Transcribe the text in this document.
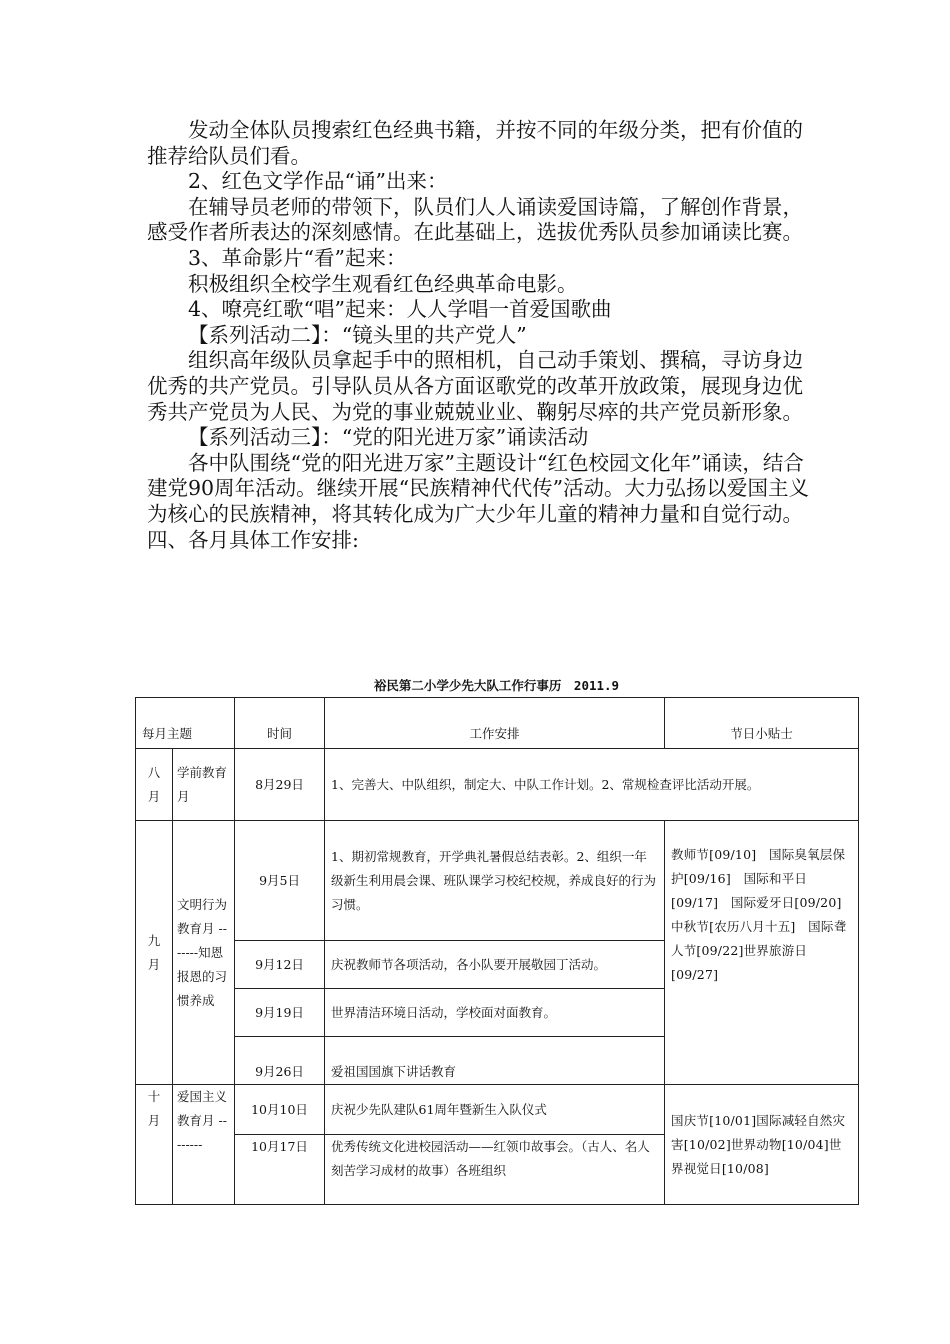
发动全体队员搜索红色经典书籍，并按不同的年级分类，把有价值的推荐给队员们看。

2、红色文学作品“诵”出来：

在辅导员老师的带领下，队员们人人诵读爱国诗篇，了解创作背景，感受作者所表达的深刻感情。在此基础上，选拔优秀队员参加诵读比赛。

3、革命影片“看”起来：

积极组织全校学生观看红色经典革命电影。

4、嘹亮红歌“唱”起来：人人学唱一首爱国歌曲

【系列活动二】：“镜头里的共产党人”

组织高年级队员拿起手中的照相机，自己动手策划、撰稿，寻访身边优秀的共产党员。引导队员从各方面讴歌党的改革开放政策，展现身边优秀共产党员为人民、为党的事业兢兢业业、鞠躬尽瘁的共产党员新形象。

【系列活动三】：“党的阳光进万家”诵读活动

各中队围绕“党的阳光进万家”主题设计“红色校园文化年”诵读，结合建党90周年活动。继续开展“民族精神代代传”活动。大力弘扬以爱国主义为核心的民族精神，将其转化成为广大少年儿童的精神力量和自觉行动。

四、各月具体工作安排:

裕民第二小学少先大队工作行事历　2011.9
每月主题		时间	工作安排	节日小贴士

八
月	学前教育月	8月29日	1、完善大、中队组织，制定大、中队工作计划。2、常规检查评比活动开展。	

九
月	文明行为教育月 -------知恩报恩的习惯养成	9月5日	1、期初常规教育，开学典礼暑假总结表彰。2、组织一年级新生利用晨会课、班队课学习校纪校规，养成良好的行为习惯。	教师节[09/10]　国际臭氧层保护[09/16]　国际和平日[09/17]　国际爱牙日[09/20]　中秋节[农历八月十五]　国际聋人节[09/22]世界旅游日[09/27]
		9月12日	庆祝教师节各项活动，各小队要开展敬园丁活动。	
		9月19日	世界清洁环境日活动，学校面对面教育。	
		9月26日	爱祖国国旗下讲话教育	

十
月	爱国主义教育月 --------	10月10日	庆祝少先队建队61周年暨新生入队仪式	国庆节[10/01]国际减轻自然灾害[10/02]世界动物[10/04]世界视觉日[10/08]
		10月17日	优秀传统文化进校园活动——红领巾故事会。（古人、名人刻苦学习成材的故事）各班组织	
